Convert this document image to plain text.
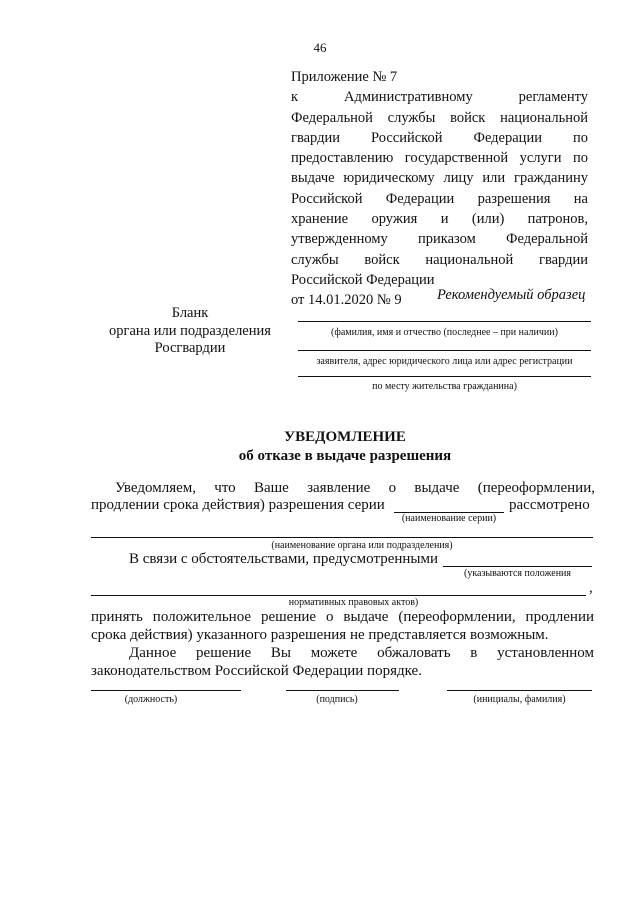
46
Приложение № 7
к Административному регламенту
Федеральной службы войск национальной
гвардии Российской Федерации по
предоставлению государственной услуги по
выдаче юридическому лицу или гражданину
Российской Федерации разрешения на
хранение оружия и (или) патронов,
утвержденному приказом Федеральной
службы войск национальной гвардии
Российской Федерации
от 14.01.2020 № 9	Рекомендуемый образец
Бланк
органа или подразделения
Росгвардии
(фамилия, имя и отчество (последнее – при наличии)
заявителя, адрес юридического лица или адрес регистрации
по месту жительства гражданина)
УВЕДОМЛЕНИЕ
об отказе в выдаче разрешения
Уведомляем, что Ваше заявление о выдаче (переоформлении,
продлении срока действия) разрешения серии	рассмотрено
(наименование серии)
(наименование органа или подразделения)
В связи с обстоятельствами, предусмотренными
(указываются положения
,
нормативных правовых актов)
принять положительное решение о выдаче (переоформлении, продлении
срока действия) указанного разрешения не представляется возможным.
Данное решение Вы можете обжаловать в установленном
законодательством Российской Федерации порядке.
(должность)	(подпись)	(инициалы, фамилия)
